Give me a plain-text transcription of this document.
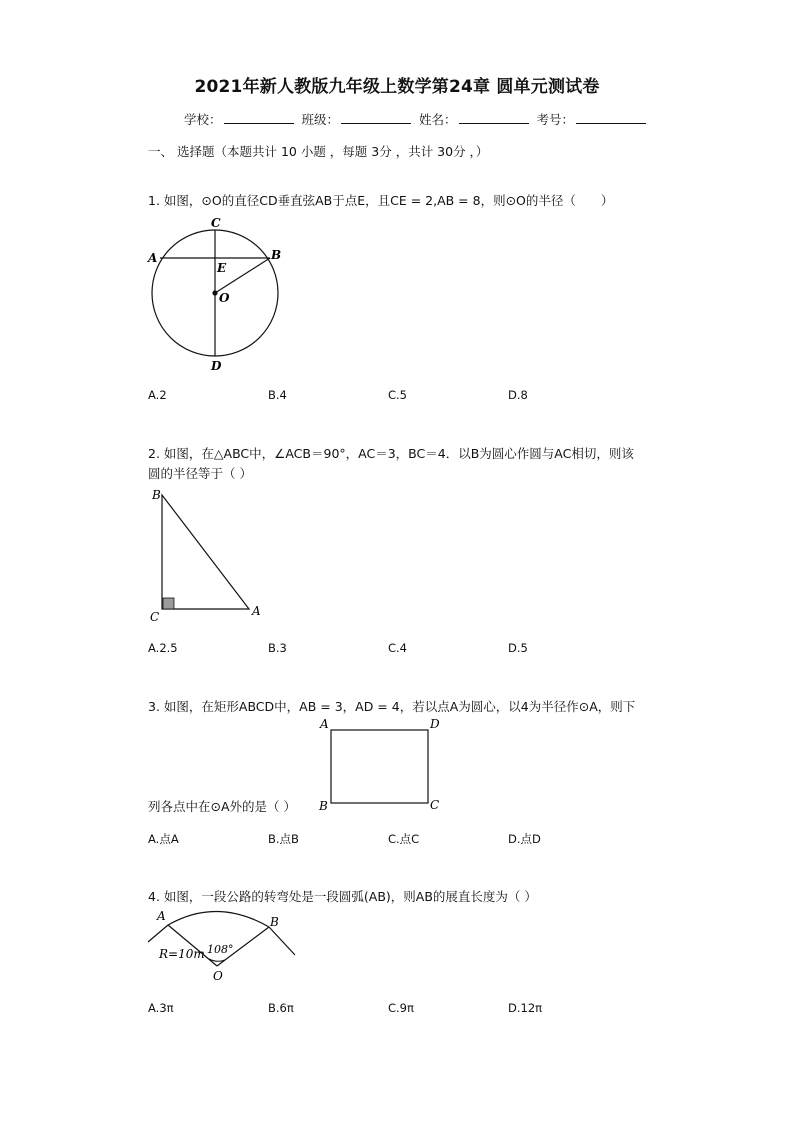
2021年新人教版九年级上数学第24章 圆单元测试卷
学校：	班级：	姓名：	考号：
一、 选择题（本题共计 10 小题 ，每题 3分 ，共计 30分 ，）
1. 如图，⊙O的直径CD垂直弦AB于点E，且CE = 2,AB = 8，则⊙O的半径（　　）
C
A	B
E
O
D
A.2	B.4	C.5	D.8
2. 如图，在△ABC中，∠ACB＝90°，AC＝3，BC＝4．以B为圆心作圆与AC相切，则该
圆的半径等于（ ）
B
C	A
A.2.5	B.3	C.4	D.5
3. 如图，在矩形ABCD中，AB = 3，AD = 4，若以点A为圆心，以4为半径作⊙A，则下
A	D
B	C
列各点中在⊙A外的是（ ）
A.点A	B.点B	C.点C	D.点D
4. 如图，一段公路的转弯处是一段圆弧(AB)，则AB的展直长度为（ ）
A	B
108°
R=10m
O
A.3π	B.6π	C.9π	D.12π
